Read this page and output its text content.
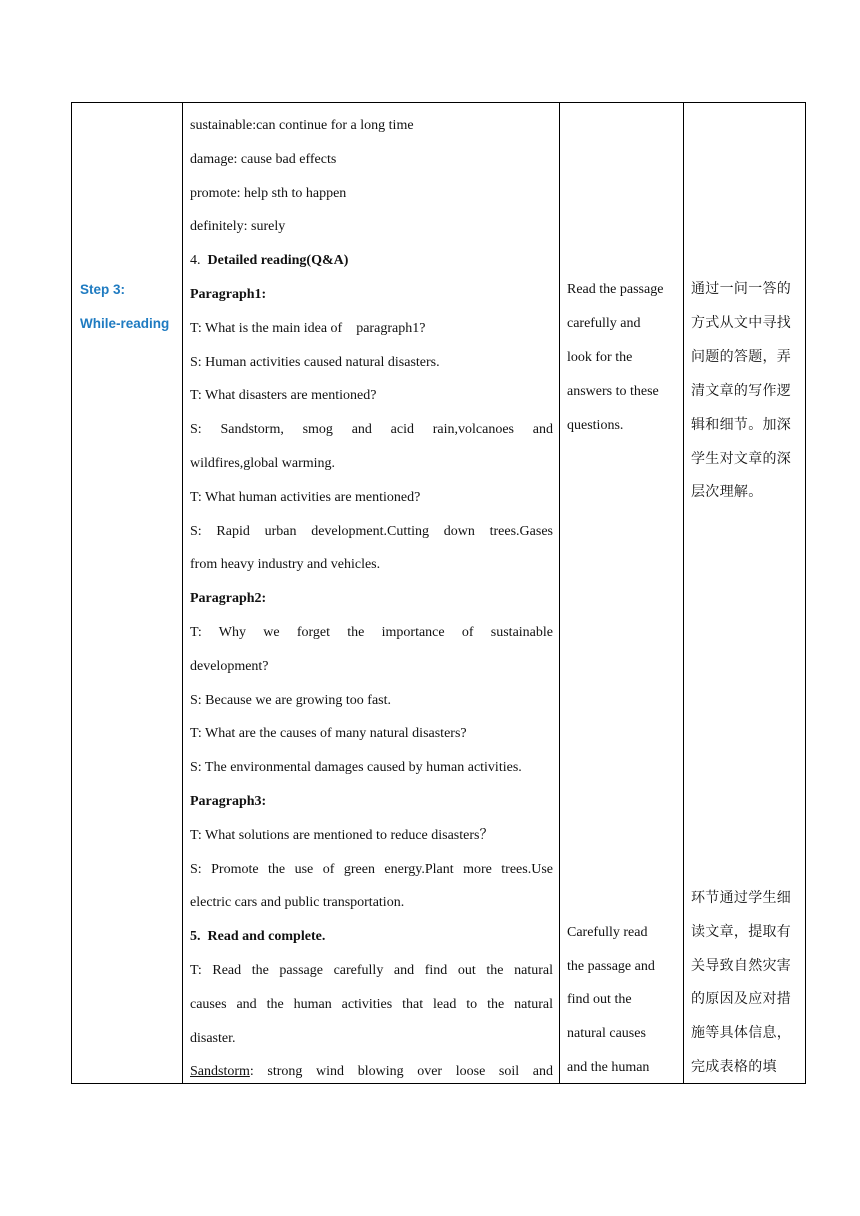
Step 3:
While-reading
sustainable:can continue for a long time
damage: cause bad effects
promote: help sth to happen
definitely: surely
4. Detailed reading(Q&A)
Paragraph1:
T: What is the main idea of    paragraph1?
S: Human activities caused natural disasters.
T: What disasters are mentioned?
S: Sandstorm, smog and acid rain,volcanoes and
wildfires,global warming.
T: What human activities are mentioned?
S: Rapid urban development.Cutting down trees.Gases
from heavy industry and vehicles.
Paragraph2:
T: Why we forget the importance of sustainable
development?
S: Because we are growing too fast.
T: What are the causes of many natural disasters?
S: The environmental damages caused by human activities.
Paragraph3:
T: What solutions are mentioned to reduce disasters？
S: Promote the use of green energy.Plant more trees.Use
electric cars and public transportation.
5. Read and complete.
T: Read the passage carefully and find out the natural
causes and the human activities that lead to the natural
disaster.
Sandstorm: strong wind blowing over loose soil and
Read the passage
carefully and
look for the
answers to these
questions.
Carefully read
the passage and
find out the
natural causes
and the human
通过一问一答的
方式从文中寻找
问题的答题，弄
清文章的写作逻
辑和细节。加深
学生对文章的深
层次理解。
环节通过学生细
读文章，提取有
关导致自然灾害
的原因及应对措
施等具体信息，
完成表格的填
